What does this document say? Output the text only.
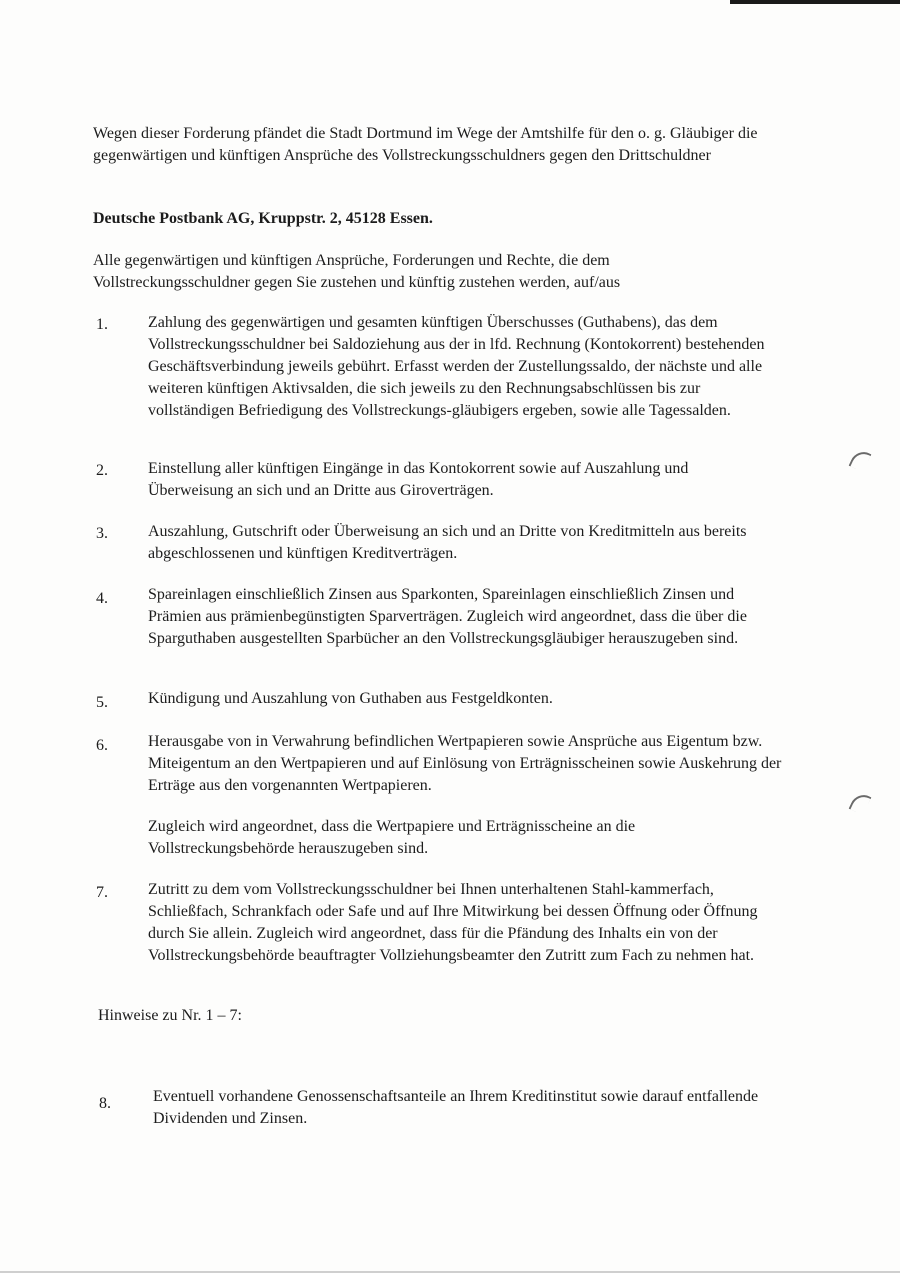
Wegen dieser Forderung pfändet die Stadt Dortmund im Wege der Amtshilfe für den o. g. Gläubiger die gegenwärtigen und künftigen Ansprüche des Vollstreckungsschuldners gegen den Drittschuldner
Deutsche Postbank AG, Kruppstr. 2, 45128 Essen.
Alle gegenwärtigen und künftigen Ansprüche, Forderungen und Rechte, die dem Vollstreckungsschuldner gegen Sie zustehen und künftig zustehen werden, auf/aus
1.	Zahlung des gegenwärtigen und gesamten künftigen Überschusses (Guthabens), das dem Vollstreckungsschuldner bei Saldoziehung aus der in lfd. Rechnung (Kontokorrent) bestehenden Geschäftsverbindung jeweils gebührt. Erfasst werden der Zustellungssaldo, der nächste und alle weiteren künftigen Aktivsalden, die sich jeweils zu den Rechnungsabschlüssen bis zur vollständigen Befriedigung des Vollstreckungs-gläubigers ergeben, sowie alle Tagessalden.
2.	Einstellung aller künftigen Eingänge in das Kontokorrent sowie auf Auszahlung und Überweisung an sich und an Dritte aus Giroverträgen.
3.	Auszahlung, Gutschrift oder Überweisung an sich und an Dritte von Kreditmitteln aus bereits abgeschlossenen und künftigen Kreditverträgen.
4.	Spareinlagen einschließlich Zinsen aus Sparkonten, Spareinlagen einschließlich Zinsen und Prämien aus prämienbegünstigten Sparverträgen. Zugleich wird angeordnet, dass die über die Sparguthaben ausgestellten Sparbücher an den Vollstreckungsgläubiger herauszugeben sind.
5.	Kündigung und Auszahlung von Guthaben aus Festgeldkonten.
6.	Herausgabe von in Verwahrung befindlichen Wertpapieren sowie Ansprüche aus Eigentum bzw. Miteigentum an den Wertpapieren und auf Einlösung von Erträgnisscheinen sowie Auskehrung der Erträge aus den vorgenannten Wertpapieren.
Zugleich wird angeordnet, dass die Wertpapiere und Erträgnisscheine an die Vollstreckungsbehörde herauszugeben sind.
7.	Zutritt zu dem vom Vollstreckungsschuldner bei Ihnen unterhaltenen Stahl-kammerfach, Schließfach, Schrankfach oder Safe und auf Ihre Mitwirkung bei dessen Öffnung oder Öffnung durch Sie allein. Zugleich wird angeordnet, dass für die Pfändung des Inhalts ein von der Vollstreckungsbehörde beauftragter Vollziehungsbeamter den Zutritt zum Fach zu nehmen hat.
Hinweise zu Nr. 1 – 7:
8.	Eventuell vorhandene Genossenschaftsanteile an Ihrem Kreditinstitut sowie darauf entfallende Dividenden und Zinsen.
